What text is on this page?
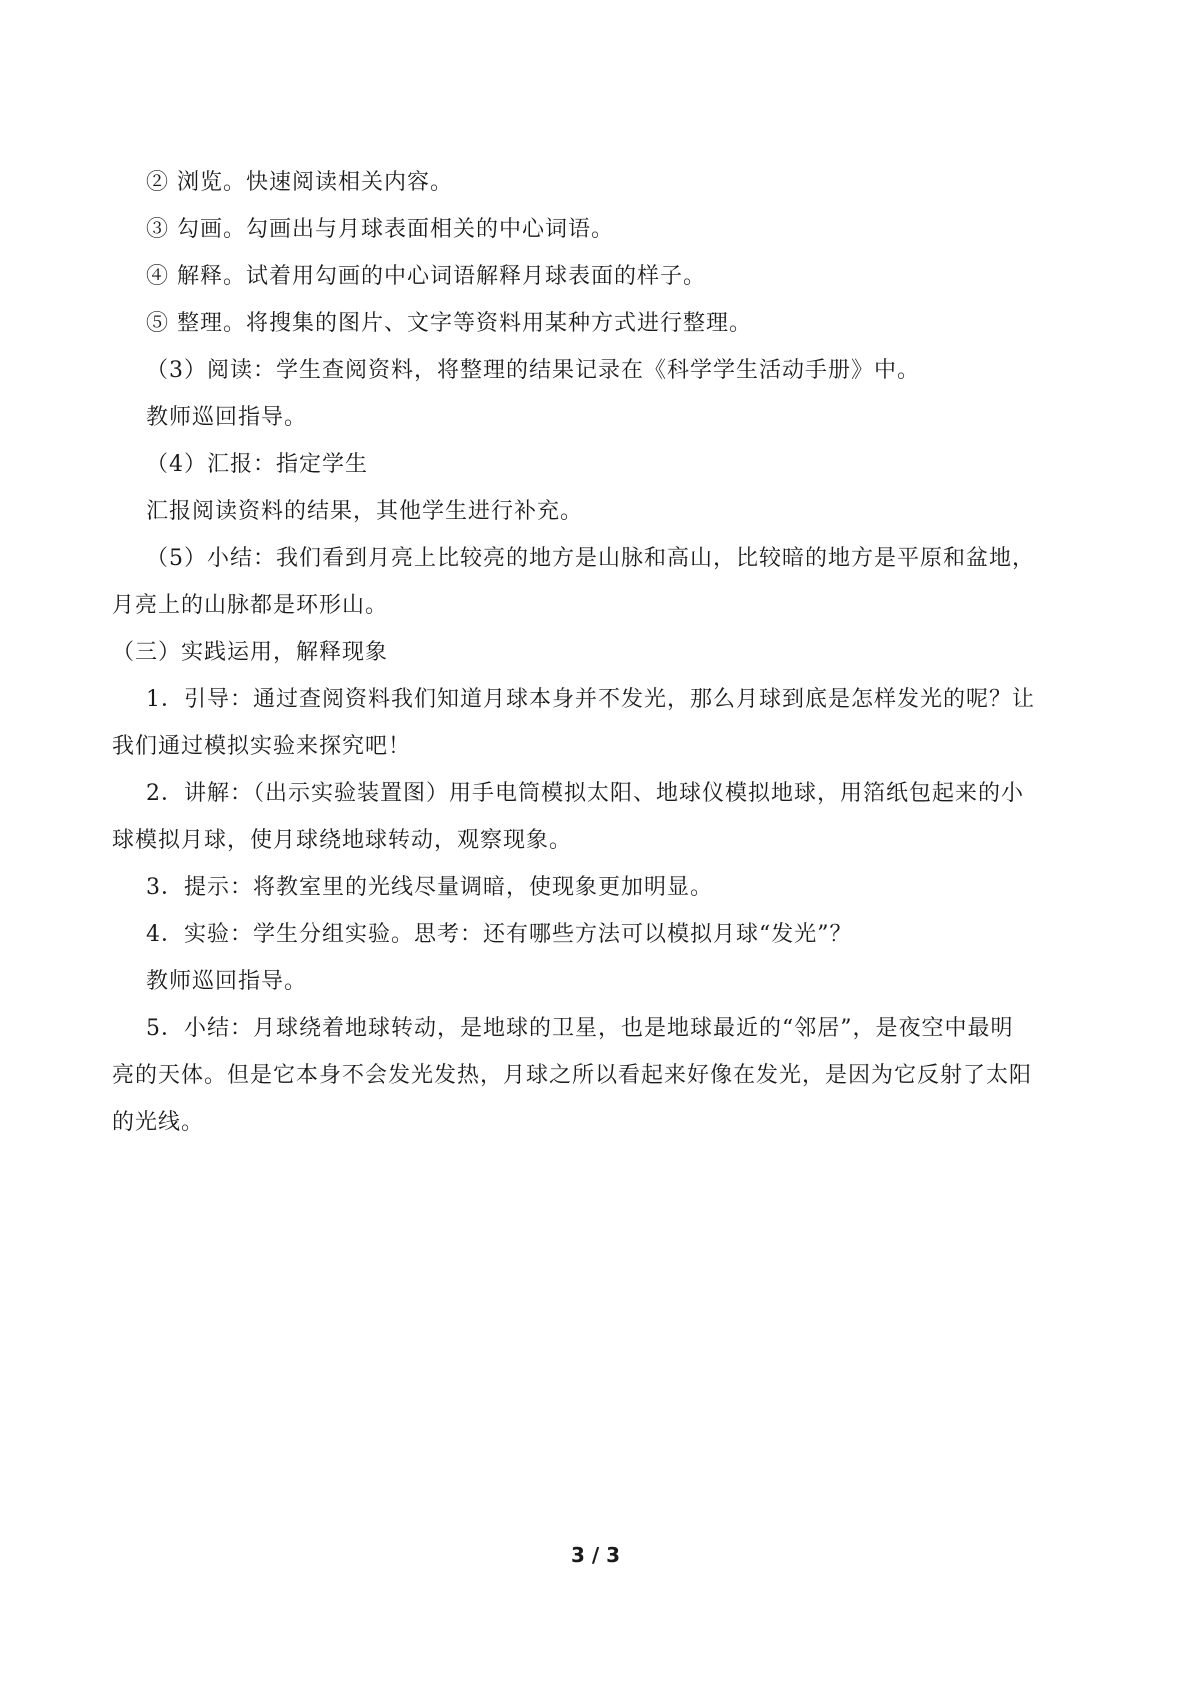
② 浏览。快速阅读相关内容。
③ 勾画。勾画出与月球表面相关的中心词语。
④ 解释。试着用勾画的中心词语解释月球表面的样子。
⑤ 整理。将搜集的图片、文字等资料用某种方式进行整理。
（3）阅读：学生查阅资料，将整理的结果记录在《科学学生活动手册》中。
教师巡回指导。
（4）汇报：指定学生
汇报阅读资料的结果，其他学生进行补充。
（5）小结：我们看到月亮上比较亮的地方是山脉和高山，比较暗的地方是平原和盆地，
月亮上的山脉都是环形山。
（三）实践运用，解释现象
1．引导：通过查阅资料我们知道月球本身并不发光，那么月球到底是怎样发光的呢？让
我们通过模拟实验来探究吧！
2．讲解：（出示实验装置图）用手电筒模拟太阳、地球仪模拟地球，用箔纸包起来的小
球模拟月球，使月球绕地球转动，观察现象。
3．提示：将教室里的光线尽量调暗，使现象更加明显。
4．实验：学生分组实验。思考：还有哪些方法可以模拟月球“发光”？
教师巡回指导。
5．小结：月球绕着地球转动，是地球的卫星，也是地球最近的“邻居”，是夜空中最明
亮的天体。但是它本身不会发光发热，月球之所以看起来好像在发光，是因为它反射了太阳
的光线。
3 / 3
